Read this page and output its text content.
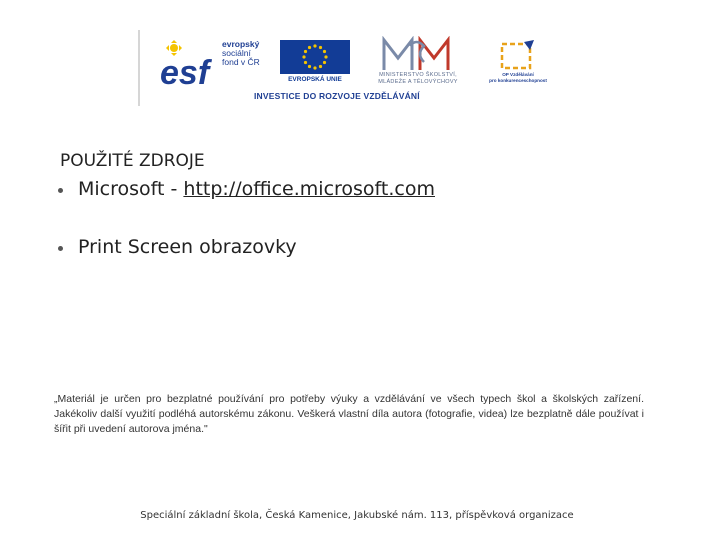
esf
evropský
sociální
fond v ČR
EVROPSKÁ UNIE
MINISTERSTVO ŠKOLSTVÍ,
MLÁDEŽE A TĚLOVÝCHOVY
OP Vzdělávání
pro konkurenceschopnost
INVESTICE DO ROZVOJE VZDĚLÁVÁNÍ
POUŽITÉ ZDROJE
Microsoft - http://office.microsoft.com
Print Screen obrazovky
„Materiál je určen pro bezplatné používání pro potřeby výuky a vzdělávání ve všech typech škol a školských zařízení. Jakékoliv další využití podléhá autorskému zákonu. Veškerá vlastní díla autora (fotografie, videa) lze bezplatně dále používat i šířit při uvedení autorova jména."
Speciální základní škola, Česká Kamenice, Jakubské nám. 113, příspěvková organizace
